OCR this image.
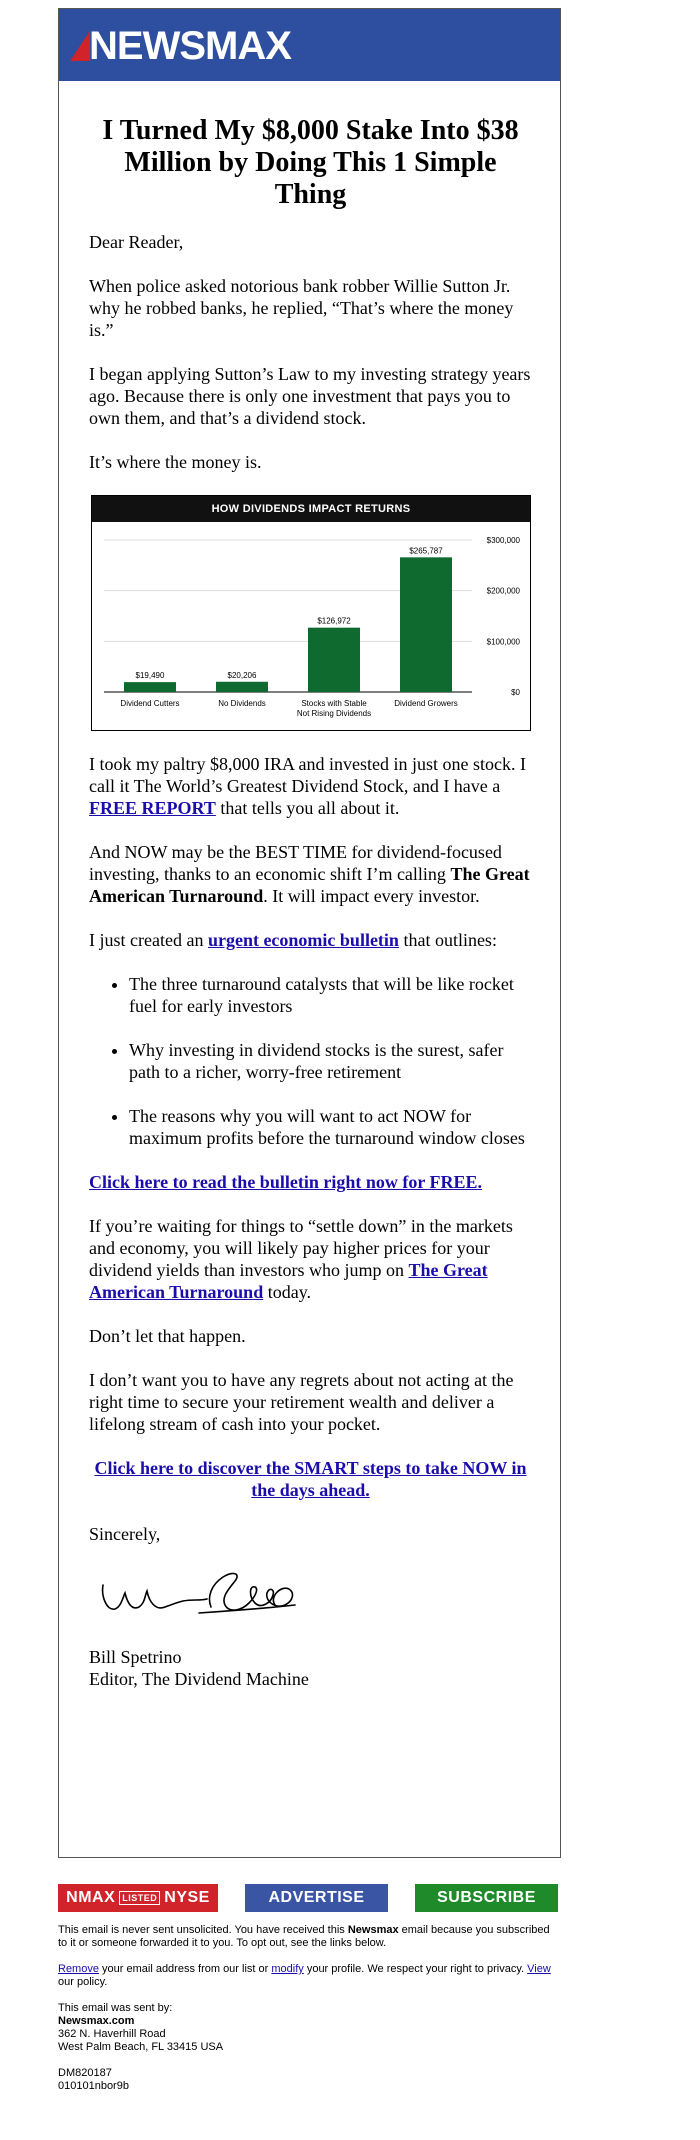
NEWSMAX
I Turned My $8,000 Stake Into $38 Million by Doing This 1 Simple Thing

Dear Reader,

When police asked notorious bank robber Willie Sutton Jr. why he robbed banks, he replied, “That’s where the money is.”

I began applying Sutton’s Law to my investing strategy years ago. Because there is only one investment that pays you to own them, and that’s a dividend stock.

It’s where the money is.

HOW DIVIDENDS IMPACT RETURNS
$0
$100,000
$200,000
$300,000
$19,490
Dividend Cutters
$20,206
No Dividends
$126,972
Stocks with Stable
Not Rising Dividends
$265,787
Dividend Growers

I took my paltry $8,000 IRA and invested in just one stock. I call it The World’s Greatest Dividend Stock, and I have a FREE REPORT that tells you all about it.

And NOW may be the BEST TIME for dividend-focused investing, thanks to an economic shift I’m calling The Great American Turnaround. It will impact every investor.

I just created an urgent economic bulletin that outlines:

• The three turnaround catalysts that will be like rocket fuel for early investors
• Why investing in dividend stocks is the surest, safer path to a richer, worry-free retirement
• The reasons why you will want to act NOW for maximum profits before the turnaround window closes

Click here to read the bulletin right now for FREE.

If you’re waiting for things to “settle down” in the markets and economy, you will likely pay higher prices for your dividend yields than investors who jump on The Great American Turnaround today.

Don’t let that happen.

I don’t want you to have any regrets about not acting at the right time to secure your retirement wealth and deliver a lifelong stream of cash into your pocket.

Click here to discover the SMART steps to take NOW in the days ahead.

Sincerely,

Bill Spetrino
Editor, The Dividend Machine
NMAX LISTED NYSE	ADVERTISE	SUBSCRIBE

This email is never sent unsolicited. You have received this Newsmax email because you subscribed to it or someone forwarded it to you. To opt out, see the links below.

Remove your email address from our list or modify your profile. We respect your right to privacy. View our policy.

This email was sent by:
Newsmax.com
362 N. Haverhill Road
West Palm Beach, FL 33415 USA

DM820187
010101nbor9b
